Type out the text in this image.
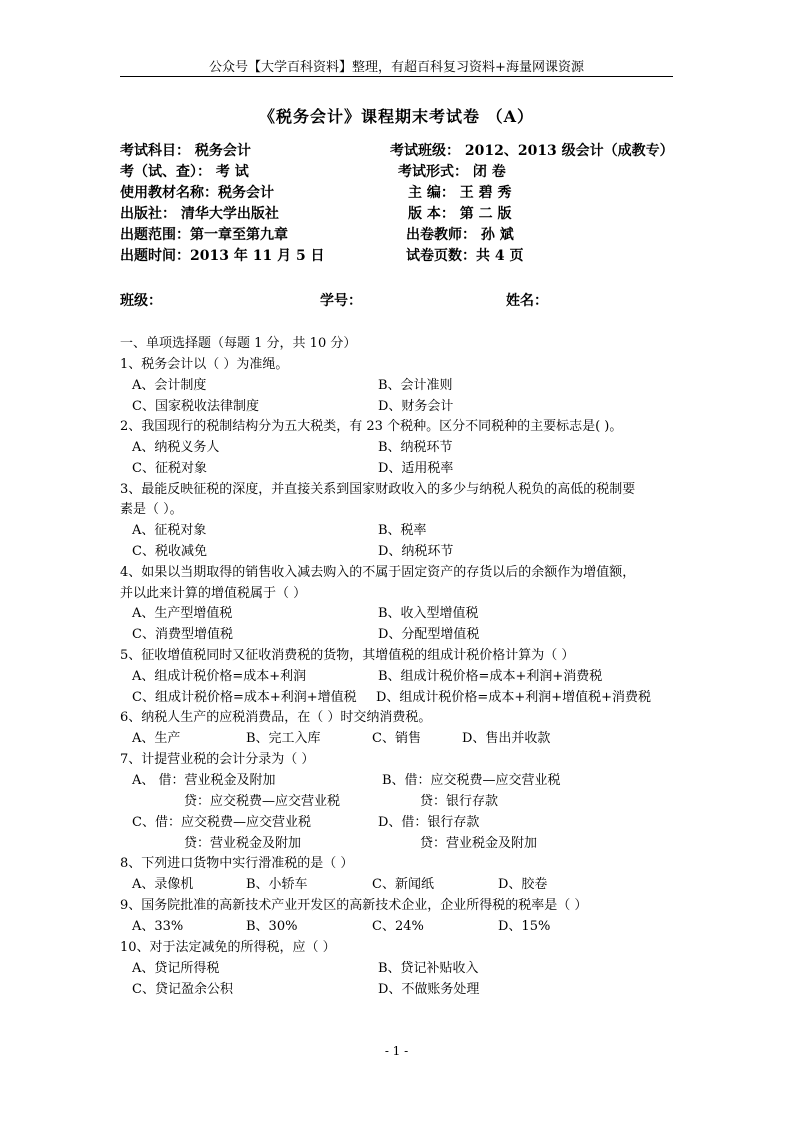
公众号【大学百科资料】整理，有超百科复习资料+海量网课资源
《税务会计》课程期末考试卷 （A）
考试科目： 税务会计	考试班级： 2012、2013 级会计（成教专）
考（试、查）： 考 试	考试形式： 闭 卷
使用教材名称：税务会计	主 编： 王 碧 秀
出版社： 清华大学出版社	版 本： 第 二 版
出题范围：第一章至第九章	出卷教师： 孙 斌
出题时间：2013 年 11 月 5 日	试卷页数：共 4 页
班级：	学号：	姓名：
一、单项选择题（每题 1 分，共 10 分）
1、税务会计以（ ）为准绳。
A、会计制度	B、会计准则
C、国家税收法律制度	D、财务会计
2、我国现行的税制结构分为五大税类，有 23 个税种。区分不同税种的主要标志是( )。
A、纳税义务人	B、纳税环节
C、征税对象	D、适用税率
3、最能反映征税的深度，并直接关系到国家财政收入的多少与纳税人税负的高低的税制要
素是（ ）。
A、征税对象	B、税率
C、税收减免	D、纳税环节
4、如果以当期取得的销售收入减去购入的不属于固定资产的存货以后的余额作为增值额，
并以此来计算的增值税属于（ ）
A、生产型增值税	B、收入型增值税
C、消费型增值税	D、分配型增值税
5、征收增值税同时又征收消费税的货物，其增值税的组成计税价格计算为（ ）
A、组成计税价格=成本+利润	B、组成计税价格=成本+利润+消费税
C、组成计税价格=成本+利润+增值税 D、组成计税价格=成本+利润+增值税+消费税
6、纳税人生产的应税消费品，在（ ）时交纳消费税。
A、生产	B、完工入库	C、销售	D、售出并收款
7、计提营业税的会计分录为（ ）
A、 借：营业税金及附加
贷：应交税费—应交营业税
B、借：应交税费—应交营业税
贷：银行存款
C、借：应交税费—应交营业税
贷：营业税金及附加
D、借：银行存款
贷：营业税金及附加
8、下列进口货物中实行滑准税的是（ ）
A、录像机	B、小轿车	C、新闻纸	D、胶卷
9、国务院批准的高新技术产业开发区的高新技术企业，企业所得税的税率是（ ）
A、33%	B、30%	C、24%	D、15%
10、对于法定减免的所得税，应（ ）
A、贷记所得税	B、贷记补贴收入
C、贷记盈余公积	D、不做账务处理
- 1 -
